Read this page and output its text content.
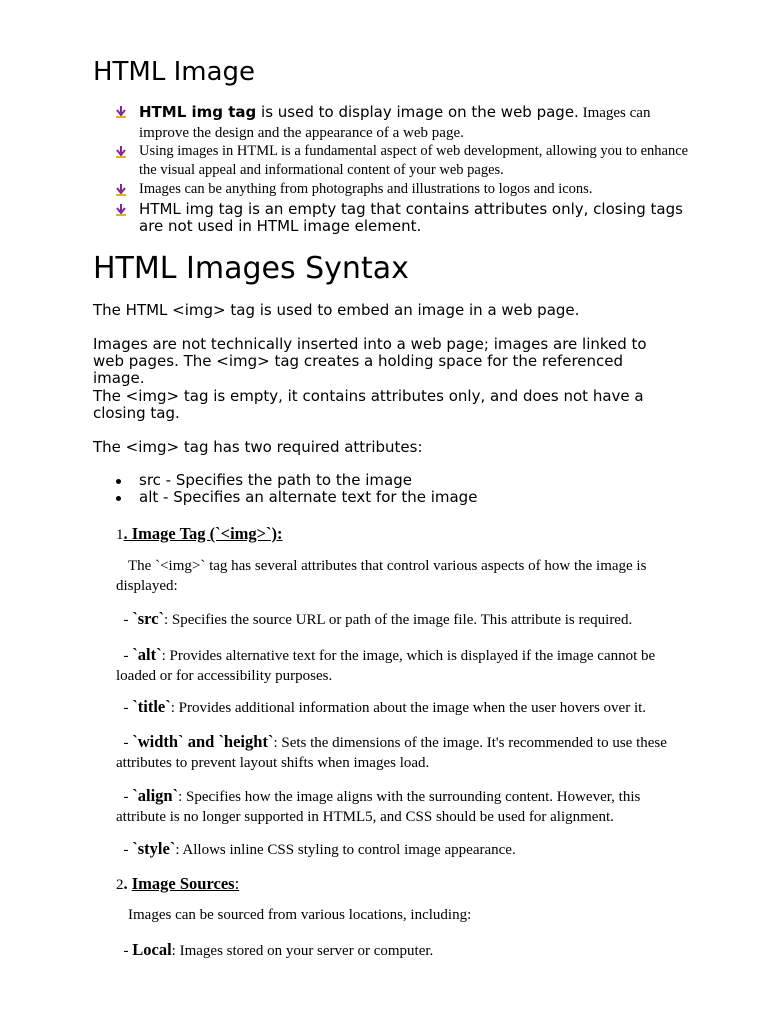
HTML Image
HTML img tag is used to display image on the web page. Images can improve the design and the appearance of a web page.
Using images in HTML is a fundamental aspect of web development, allowing you to enhance the visual appeal and informational content of your web pages.
Images can be anything from photographs and illustrations to logos and icons.
HTML img tag is an empty tag that contains attributes only, closing tags are not used in HTML image element.
HTML Images Syntax
The HTML <img> tag is used to embed an image in a web page.
Images are not technically inserted into a web page; images are linked to web pages. The <img> tag creates a holding space for the referenced image.
The <img> tag is empty, it contains attributes only, and does not have a closing tag.
The <img> tag has two required attributes:
src - Specifies the path to the image
alt - Specifies an alternate text for the image
1. Image Tag (`<img>`):
The `<img>` tag has several attributes that control various aspects of how the image is displayed:
- `src`: Specifies the source URL or path of the image file. This attribute is required.
- `alt`: Provides alternative text for the image, which is displayed if the image cannot be loaded or for accessibility purposes.
- `title`: Provides additional information about the image when the user hovers over it.
- `width` and `height`: Sets the dimensions of the image. It's recommended to use these attributes to prevent layout shifts when images load.
- `align`: Specifies how the image aligns with the surrounding content. However, this attribute is no longer supported in HTML5, and CSS should be used for alignment.
- `style`: Allows inline CSS styling to control image appearance.
2. Image Sources:
Images can be sourced from various locations, including:
- Local: Images stored on your server or computer.
